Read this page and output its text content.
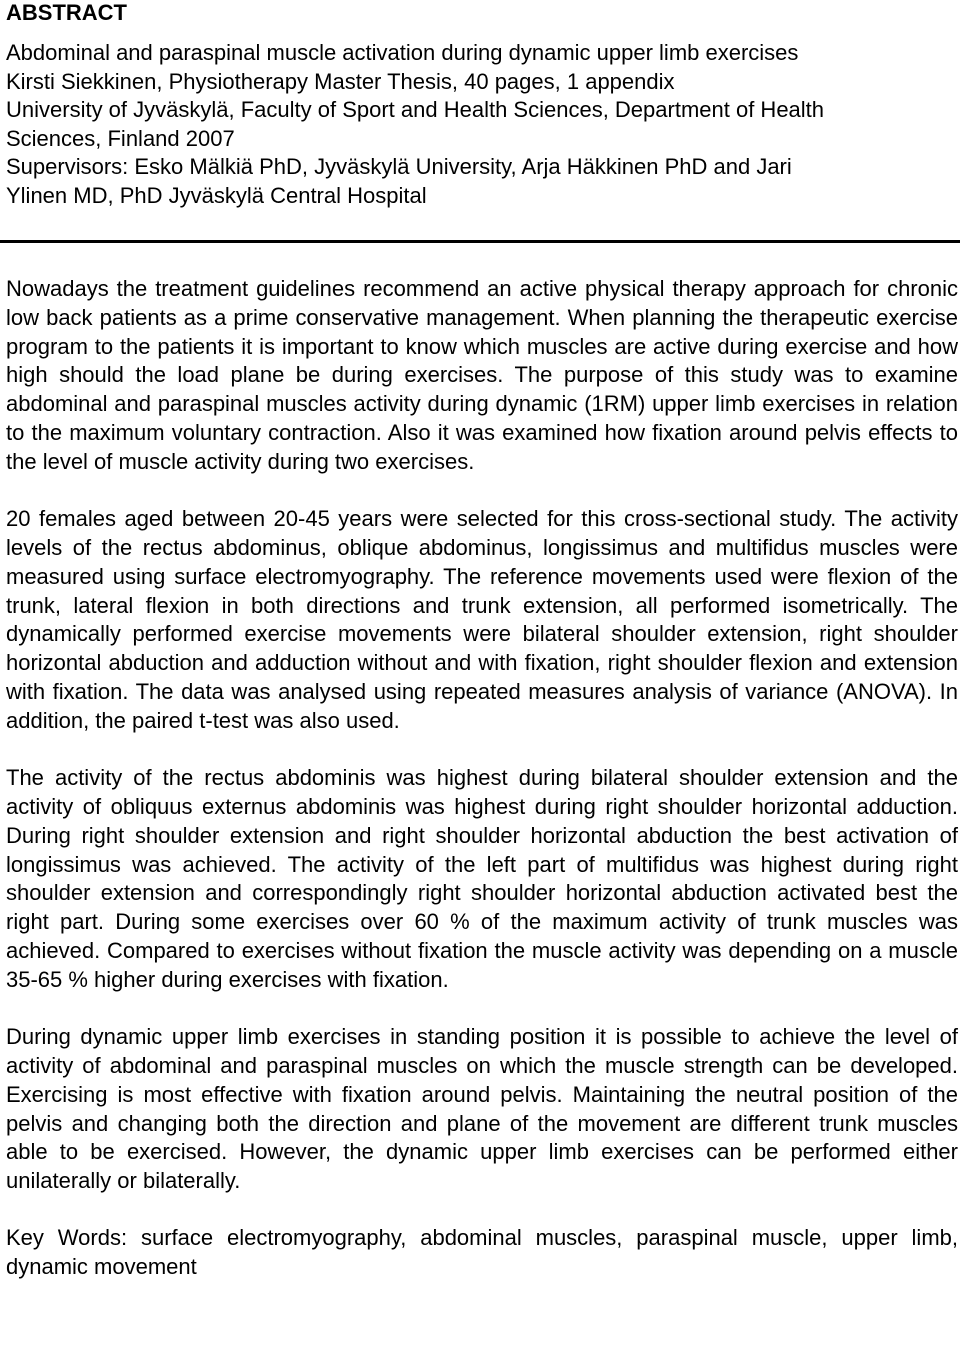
ABSTRACT
Abdominal and paraspinal muscle activation during dynamic upper limb exercises
Kirsti Siekkinen, Physiotherapy Master Thesis, 40 pages, 1 appendix
University of Jyväskylä, Faculty of Sport and Health Sciences, Department of Health
Sciences, Finland 2007
Supervisors: Esko Mälkiä PhD, Jyväskylä University, Arja Häkkinen PhD and Jari
Ylinen MD, PhD Jyväskylä Central Hospital

Nowadays the treatment guidelines recommend an active physical therapy approach for chronic low back patients as a prime conservative management. When planning the therapeutic exercise program to the patients it is important to know which muscles are active during exercise and how high should the load plane be during exercises. The purpose of this study was to examine abdominal and paraspinal muscles activity during dynamic (1RM) upper limb exercises in relation to the maximum voluntary contraction. Also it was examined how fixation around pelvis effects to the level of muscle activity during two exercises.

20 females aged between 20-45 years were selected for this cross-sectional study. The activity levels of the rectus abdominus, oblique abdominus, longissimus and multifidus muscles were measured using surface electromyography. The reference movements used were flexion of the trunk, lateral flexion in both directions and trunk extension, all performed isometrically. The dynamically performed exercise movements were bilateral shoulder extension, right shoulder horizontal abduction and adduction without and with fixation, right shoulder flexion and extension with fixation. The data was analysed using repeated measures analysis of variance (ANOVA). In addition, the paired t-test was also used.

The activity of the rectus abdominis was highest during bilateral shoulder extension and the activity of obliquus externus abdominis was highest during right shoulder horizontal adduction. During right shoulder extension and right shoulder horizontal abduction the best activation of longissimus was achieved. The activity of the left part of multifidus was highest during right shoulder extension and correspondingly right shoulder horizontal abduction activated best the right part. During some exercises over 60 % of the maximum activity of trunk muscles was achieved. Compared to exercises without fixation the muscle activity was depending on a muscle 35-65 % higher during exercises with fixation.

During dynamic upper limb exercises in standing position it is possible to achieve the level of activity of abdominal and paraspinal muscles on which the muscle strength can be developed. Exercising is most effective with fixation around pelvis. Maintaining the neutral position of the pelvis and changing both the direction and plane of the movement are different trunk muscles able to be exercised. However, the dynamic upper limb exercises can be performed either unilaterally or bilaterally.

Key Words: surface electromyography, abdominal muscles, paraspinal muscle, upper limb, dynamic movement
